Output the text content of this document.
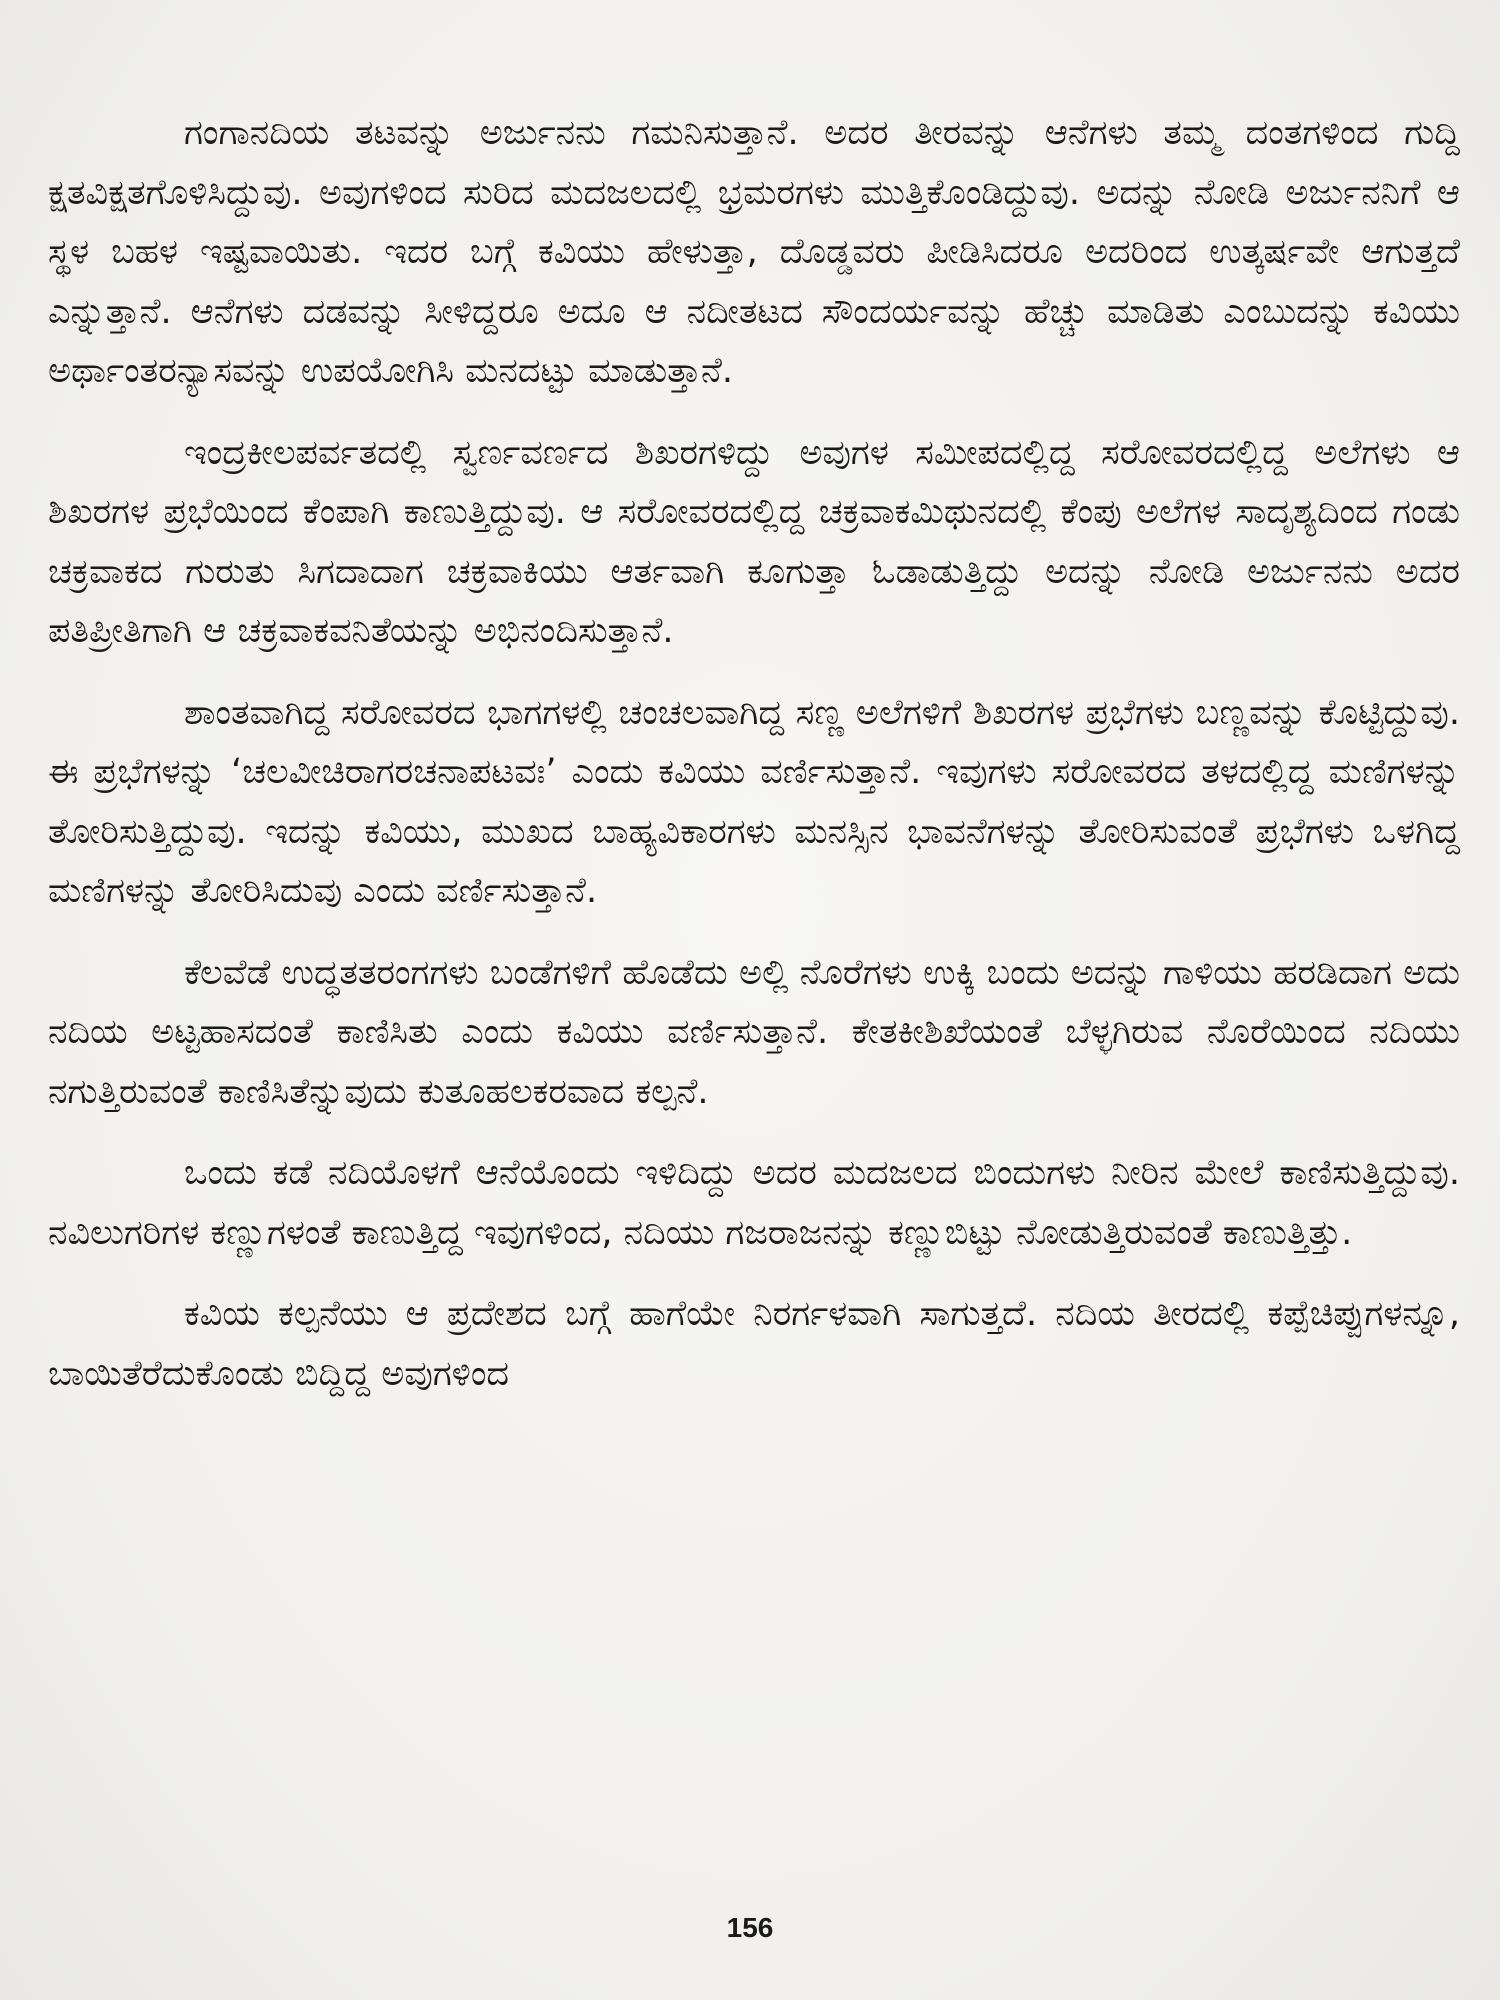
ಗಂಗಾನದಿಯ ತಟವನ್ನು ಅರ್ಜುನನು ಗಮನಿಸುತ್ತಾನೆ. ಅದರ ತೀರವನ್ನು ಆನೆಗಳು ತಮ್ಮ ದಂತಗಳಿಂದ ಗುದ್ದಿ ಕ್ಷತವಿಕ್ಷತಗೊಳಿಸಿದ್ದುವು. ಅವುಗಳಿಂದ ಸುರಿದ ಮದಜಲದಲ್ಲಿ ಭ್ರಮರಗಳು ಮುತ್ತಿಕೊಂಡಿದ್ದುವು. ಅದನ್ನು ನೋಡಿ ಅರ್ಜುನನಿಗೆ ಆ ಸ್ಥಳ ಬಹಳ ಇಷ್ಟವಾಯಿತು. ಇದರ ಬಗ್ಗೆ ಕವಿಯು ಹೇಳುತ್ತಾ, ದೊಡ್ಡವರು ಪೀಡಿಸಿದರೂ ಅದರಿಂದ ಉತ್ಕರ್ಷವೇ ಆಗುತ್ತದೆ ಎನ್ನುತ್ತಾನೆ. ಆನೆಗಳು ದಡವನ್ನು ಸೀಳಿದ್ದರೂ ಅದೂ ಆ ನದೀತಟದ ಸೌಂದರ್ಯವನ್ನು ಹೆಚ್ಚು ಮಾಡಿತು ಎಂಬುದನ್ನು ಕವಿಯು ಅರ್ಥಾಂತರನ್ಯಾಸವನ್ನು ಉಪಯೋಗಿಸಿ ಮನದಟ್ಟು ಮಾಡುತ್ತಾನೆ.

ಇಂದ್ರಕೀಲಪರ್ವತದಲ್ಲಿ ಸ್ವರ್ಣವರ್ಣದ ಶಿಖರಗಳಿದ್ದು ಅವುಗಳ ಸಮೀಪದಲ್ಲಿದ್ದ ಸರೋವರದಲ್ಲಿದ್ದ ಅಲೆಗಳು ಆ ಶಿಖರಗಳ ಪ್ರಭೆಯಿಂದ ಕೆಂಪಾಗಿ ಕಾಣುತ್ತಿದ್ದುವು. ಆ ಸರೋವರದಲ್ಲಿದ್ದ ಚಕ್ರವಾಕಮಿಥುನದಲ್ಲಿ ಕೆಂಪು ಅಲೆಗಳ ಸಾದೃಶ್ಯದಿಂದ ಗಂಡು ಚಕ್ರವಾಕದ ಗುರುತು ಸಿಗದಾದಾಗ ಚಕ್ರವಾಕಿಯು ಆರ್ತವಾಗಿ ಕೂಗುತ್ತಾ ಓಡಾಡುತ್ತಿದ್ದು ಅದನ್ನು ನೋಡಿ ಅರ್ಜುನನು ಅದರ ಪತಿಪ್ರೀತಿಗಾಗಿ ಆ ಚಕ್ರವಾಕವನಿತೆಯನ್ನು ಅಭಿನಂದಿಸುತ್ತಾನೆ.

ಶಾಂತವಾಗಿದ್ದ ಸರೋವರದ ಭಾಗಗಳಲ್ಲಿ ಚಂಚಲವಾಗಿದ್ದ ಸಣ್ಣ ಅಲೆಗಳಿಗೆ ಶಿಖರಗಳ ಪ್ರಭೆಗಳು ಬಣ್ಣವನ್ನು ಕೊಟ್ಟಿದ್ದುವು. ಈ ಪ್ರಭೆಗಳನ್ನು ‘ಚಲವೀಚಿರಾಗರಚನಾಪಟವಃ’ ಎಂದು ಕವಿಯು ವರ್ಣಿಸುತ್ತಾನೆ. ಇವುಗಳು ಸರೋವರದ ತಳದಲ್ಲಿದ್ದ ಮಣಿಗಳನ್ನು ತೋರಿಸುತ್ತಿದ್ದುವು. ಇದನ್ನು ಕವಿಯು, ಮುಖದ ಬಾಹ್ಯವಿಕಾರಗಳು ಮನಸ್ಸಿನ ಭಾವನೆಗಳನ್ನು ತೋರಿಸುವಂತೆ ಪ್ರಭೆಗಳು ಒಳಗಿದ್ದ ಮಣಿಗಳನ್ನು ತೋರಿಸಿದುವು ಎಂದು ವರ್ಣಿಸುತ್ತಾನೆ.

ಕೆಲವೆಡೆ ಉದ್ಧತತರಂಗಗಳು ಬಂಡೆಗಳಿಗೆ ಹೊಡೆದು ಅಲ್ಲಿ ನೊರೆಗಳು ಉಕ್ಕಿ ಬಂದು ಅದನ್ನು ಗಾಳಿಯು ಹರಡಿದಾಗ ಅದು ನದಿಯ ಅಟ್ಟಹಾಸದಂತೆ ಕಾಣಿಸಿತು ಎಂದು ಕವಿಯು ವರ್ಣಿಸುತ್ತಾನೆ. ಕೇತಕೀಶಿಖೆಯಂತೆ ಬೆಳ್ಳಗಿರುವ ನೊರೆಯಿಂದ ನದಿಯು ನಗುತ್ತಿರುವಂತೆ ಕಾಣಿಸಿತೆನ್ನುವುದು ಕುತೂಹಲಕರವಾದ ಕಲ್ಪನೆ.

ಒಂದು ಕಡೆ ನದಿಯೊಳಗೆ ಆನೆಯೊಂದು ಇಳಿದಿದ್ದು ಅದರ ಮದಜಲದ ಬಿಂದುಗಳು ನೀರಿನ ಮೇಲೆ ಕಾಣಿಸುತ್ತಿದ್ದುವು. ನವಿಲುಗರಿಗಳ ಕಣ್ಣುಗಳಂತೆ ಕಾಣುತ್ತಿದ್ದ ಇವುಗಳಿಂದ, ನದಿಯು ಗಜರಾಜನನ್ನು ಕಣ್ಣುಬಿಟ್ಟು ನೋಡುತ್ತಿರುವಂತೆ ಕಾಣುತ್ತಿತ್ತು.

ಕವಿಯ ಕಲ್ಪನೆಯು ಆ ಪ್ರದೇಶದ ಬಗ್ಗೆ ಹಾಗೆಯೇ ನಿರರ್ಗಳವಾಗಿ ಸಾಗುತ್ತದೆ. ನದಿಯ ತೀರದಲ್ಲಿ ಕಪ್ಪೆಚಿಪ್ಪುಗಳನ್ನೂ, ಬಾಯಿತೆರೆದುಕೊಂಡು ಬಿದ್ದಿದ್ದ ಅವುಗಳಿಂದ

156
